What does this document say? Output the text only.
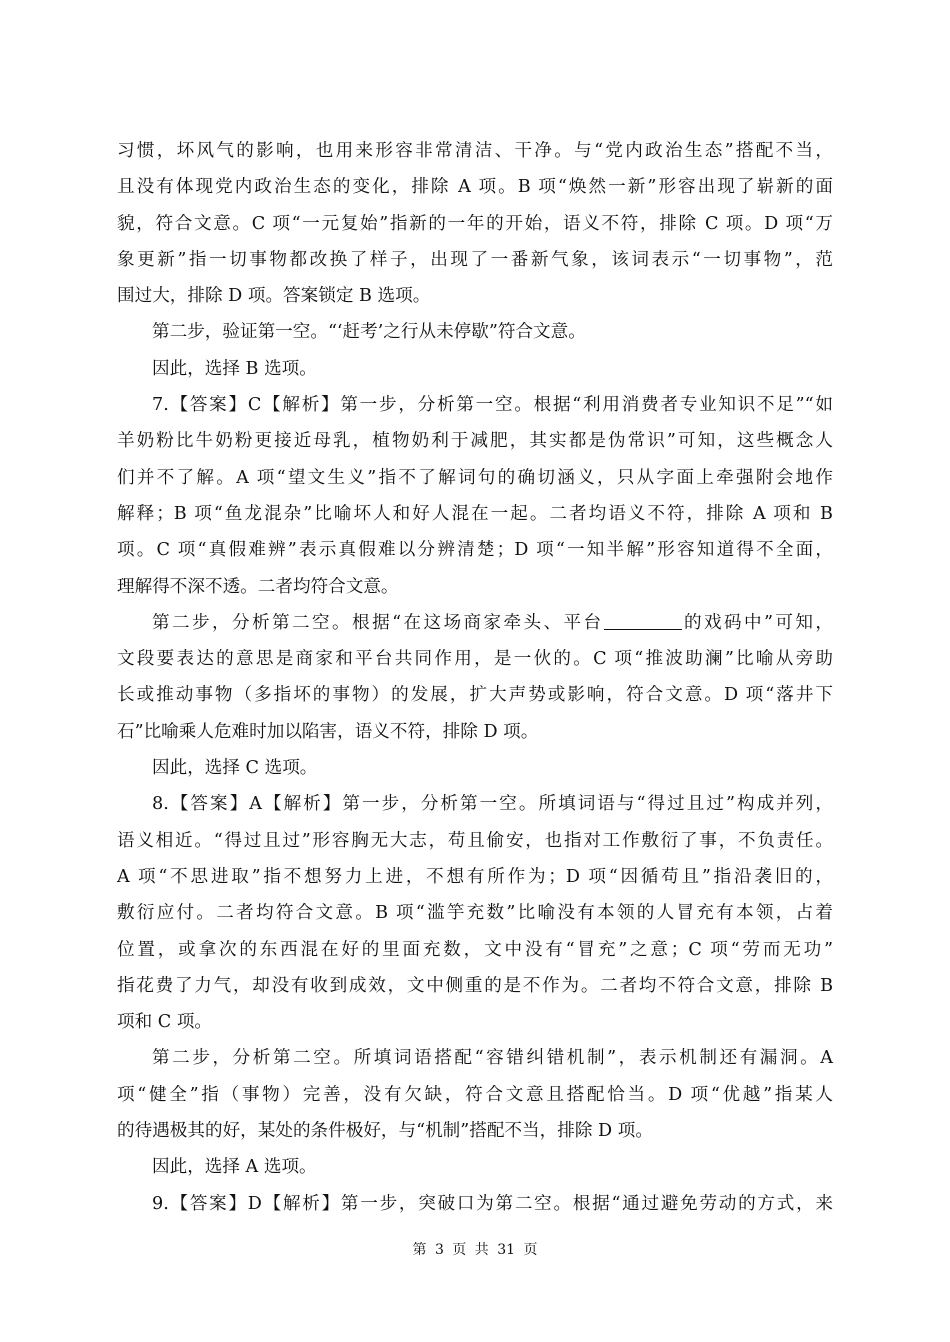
习惯，坏风气的影响，也用来形容非常清洁、干净。与“党内政治生态”搭配不当，
且没有体现党内政治生态的变化，排除 A 项。B 项“焕然一新”形容出现了崭新的面
貌，符合文意。C 项“一元复始”指新的一年的开始，语义不符，排除 C 项。D 项“万
象更新”指一切事物都改换了样子，出现了一番新气象，该词表示“一切事物”，范
围过大，排除 D 项。答案锁定 B 选项。
第二步，验证第一空。“‘赶考’之行从未停歇”符合文意。
因此，选择 B 选项。
7.【答案】C【解析】第一步，分析第一空。根据“利用消费者专业知识不足”“如
羊奶粉比牛奶粉更接近母乳，植物奶利于减肥，其实都是伪常识”可知，这些概念人
们并不了解。A 项“望文生义”指不了解词句的确切涵义，只从字面上牵强附会地作
解释；B 项“鱼龙混杂”比喻坏人和好人混在一起。二者均语义不符，排除 A 项和 B
项。C 项“真假难辨”表示真假难以分辨清楚；D 项“一知半解”形容知道得不全面，
理解得不深不透。二者均符合文意。
第二步，分析第二空。根据“在这场商家牵头、平台	的戏码中”可知，
文段要表达的意思是商家和平台共同作用，是一伙的。C 项“推波助澜”比喻从旁助
长或推动事物（多指坏的事物）的发展，扩大声势或影响，符合文意。D 项“落井下
石”比喻乘人危难时加以陷害，语义不符，排除 D 项。
因此，选择 C 选项。
8.【答案】A【解析】第一步，分析第一空。所填词语与“得过且过”构成并列，
语义相近。“得过且过”形容胸无大志，苟且偷安，也指对工作敷衍了事，不负责任。
A 项“不思进取”指不想努力上进，不想有所作为；D 项“因循苟且”指沿袭旧的，
敷衍应付。二者均符合文意。B 项“滥竽充数”比喻没有本领的人冒充有本领，占着
位置，或拿次的东西混在好的里面充数，文中没有“冒充”之意；C 项“劳而无功”
指花费了力气，却没有收到成效，文中侧重的是不作为。二者均不符合文意，排除 B
项和 C 项。
第二步，分析第二空。所填词语搭配“容错纠错机制”，表示机制还有漏洞。A
项“健全”指（事物）完善，没有欠缺，符合文意且搭配恰当。D 项“优越”指某人
的待遇极其的好，某处的条件极好，与“机制”搭配不当，排除 D 项。
因此，选择 A 选项。
9.【答案】D【解析】第一步，突破口为第二空。根据“通过避免劳动的方式，来
第 3 页 共 31 页
